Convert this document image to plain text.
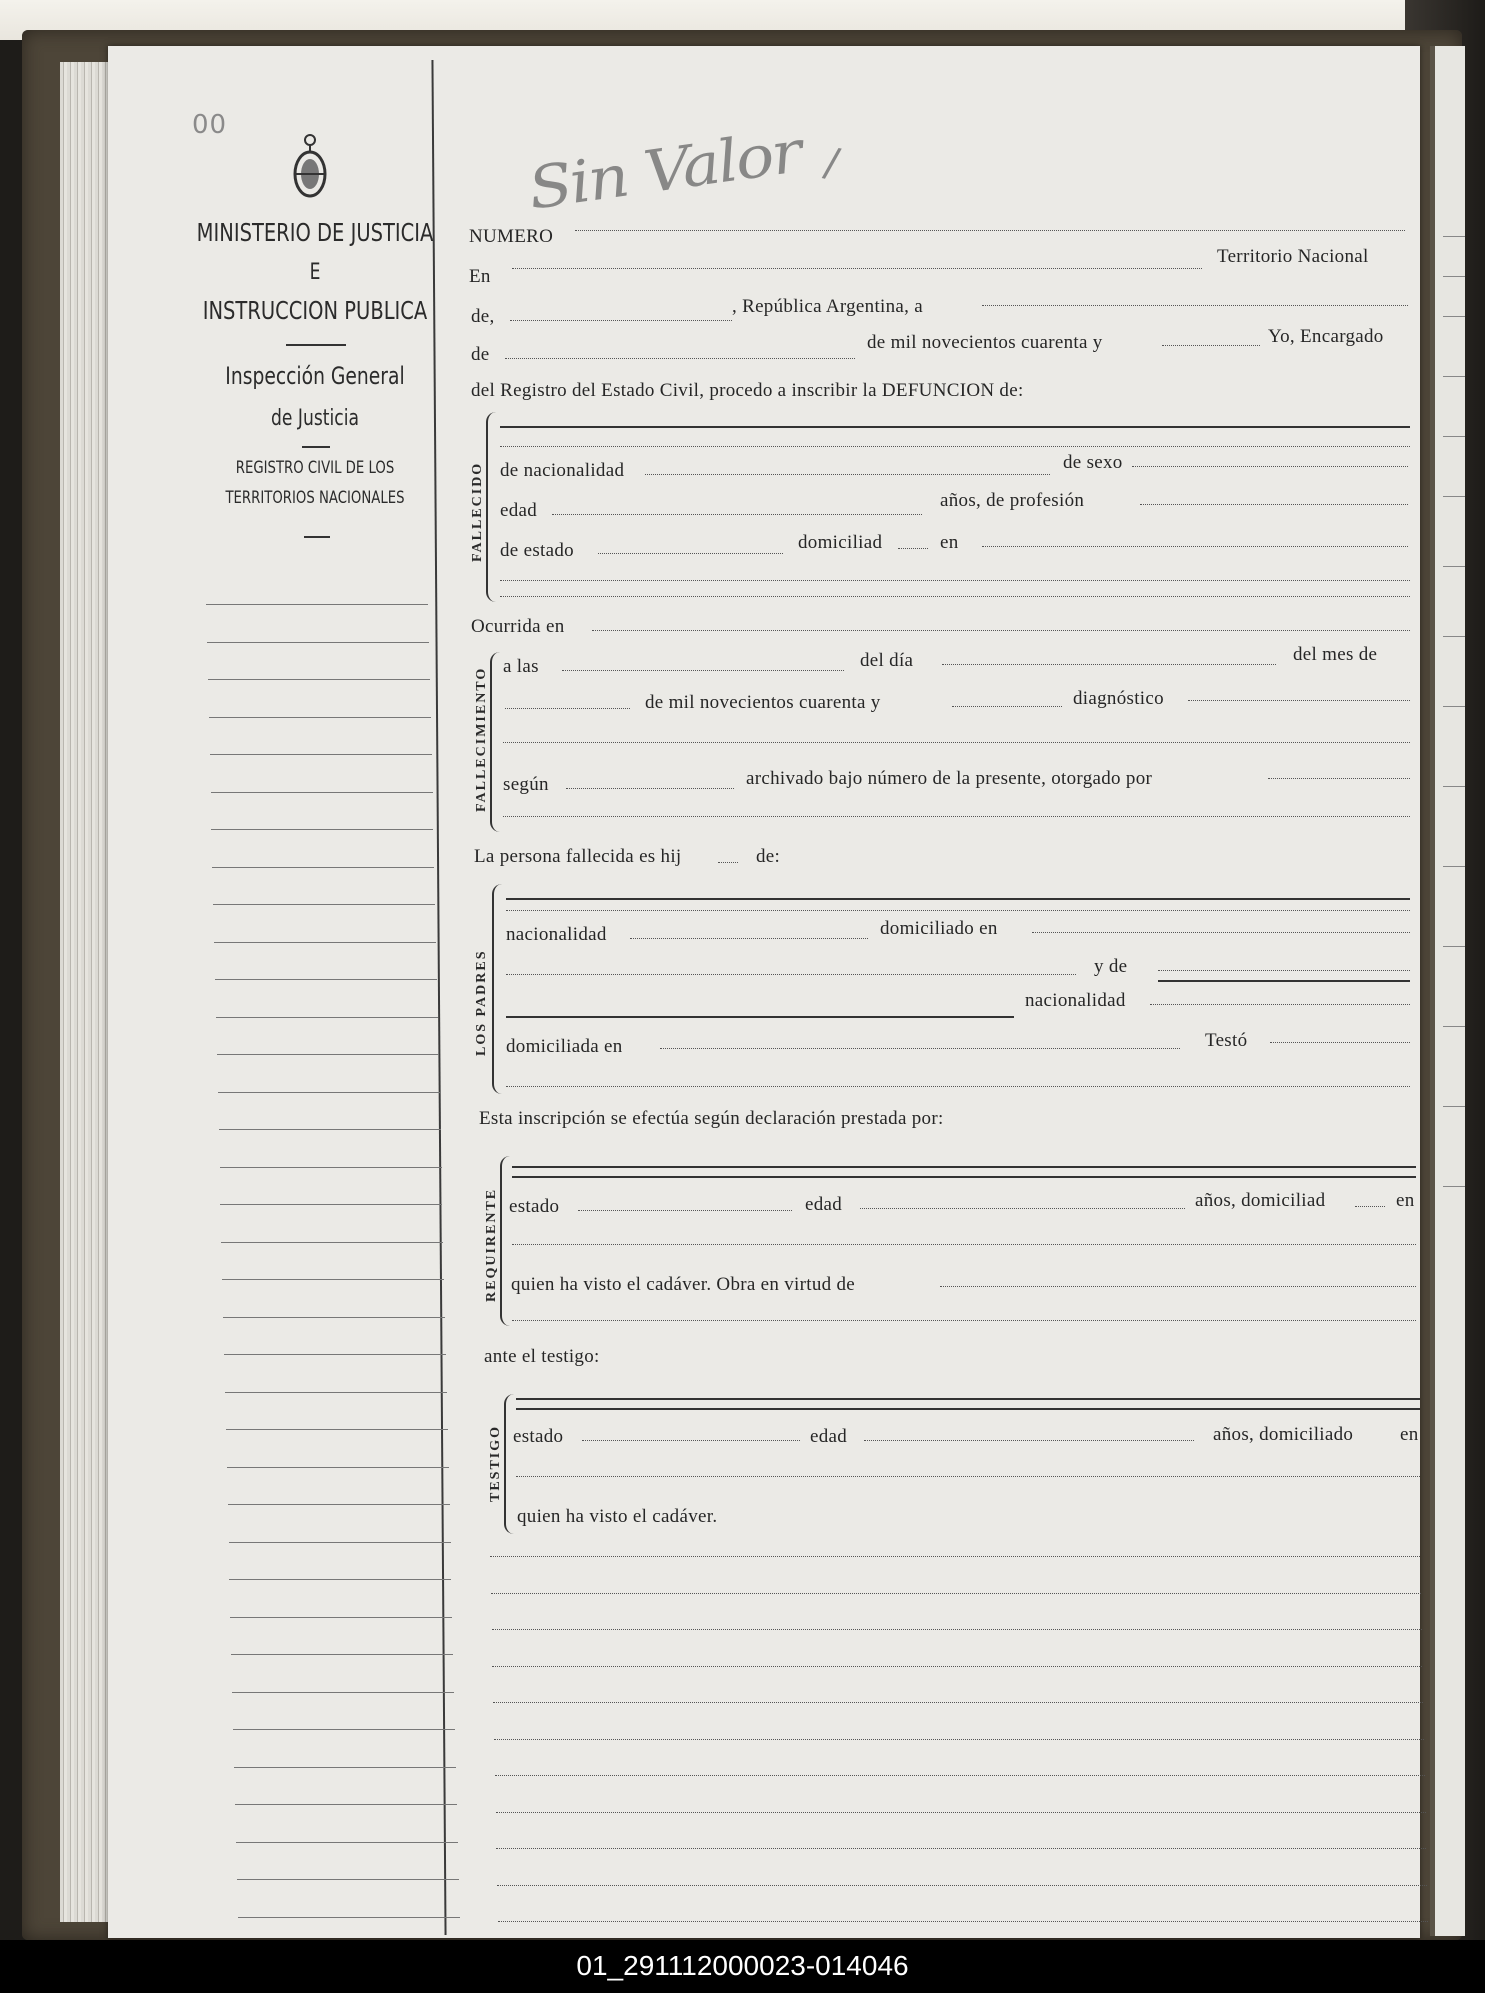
00
MINISTERIO DE JUSTICIA
E
INSTRUCCION PUBLICA
Inspección General
de Justicia
REGISTRO CIVIL DE LOS
TERRITORIOS NACIONALES
Sin Valor /
NUMERO
En
Territorio Nacional
de,	, República Argentina, a
de
de mil novecientos cuarenta y	Yo, Encargado
del Registro del Estado Civil, procedo a inscribir la DEFUNCION de:
FALLECIDO de nacionalidad	de sexo
edad	años, de profesión
de estado	domiciliad	en
Ocurrida en
FALLECIMIENTO
a las	del día	del mes de
de mil novecientos cuarenta y	diagnóstico
según	archivado bajo número de la presente, otorgado por
La persona fallecida es hij	de:
LOS PADRES
nacionalidad	domiciliado en
y de
nacionalidad
domiciliada en	Testó
Esta inscripción se efectúa según declaración prestada por:
REQUIRENTE estado	edad	años, domiciliad	en
quien ha visto el cadáver. Obra en virtud de
ante el testigo:
TESTIGO estado	edad	años, domiciliado en
quien ha visto el cadáver.
01_291112000023-014046
